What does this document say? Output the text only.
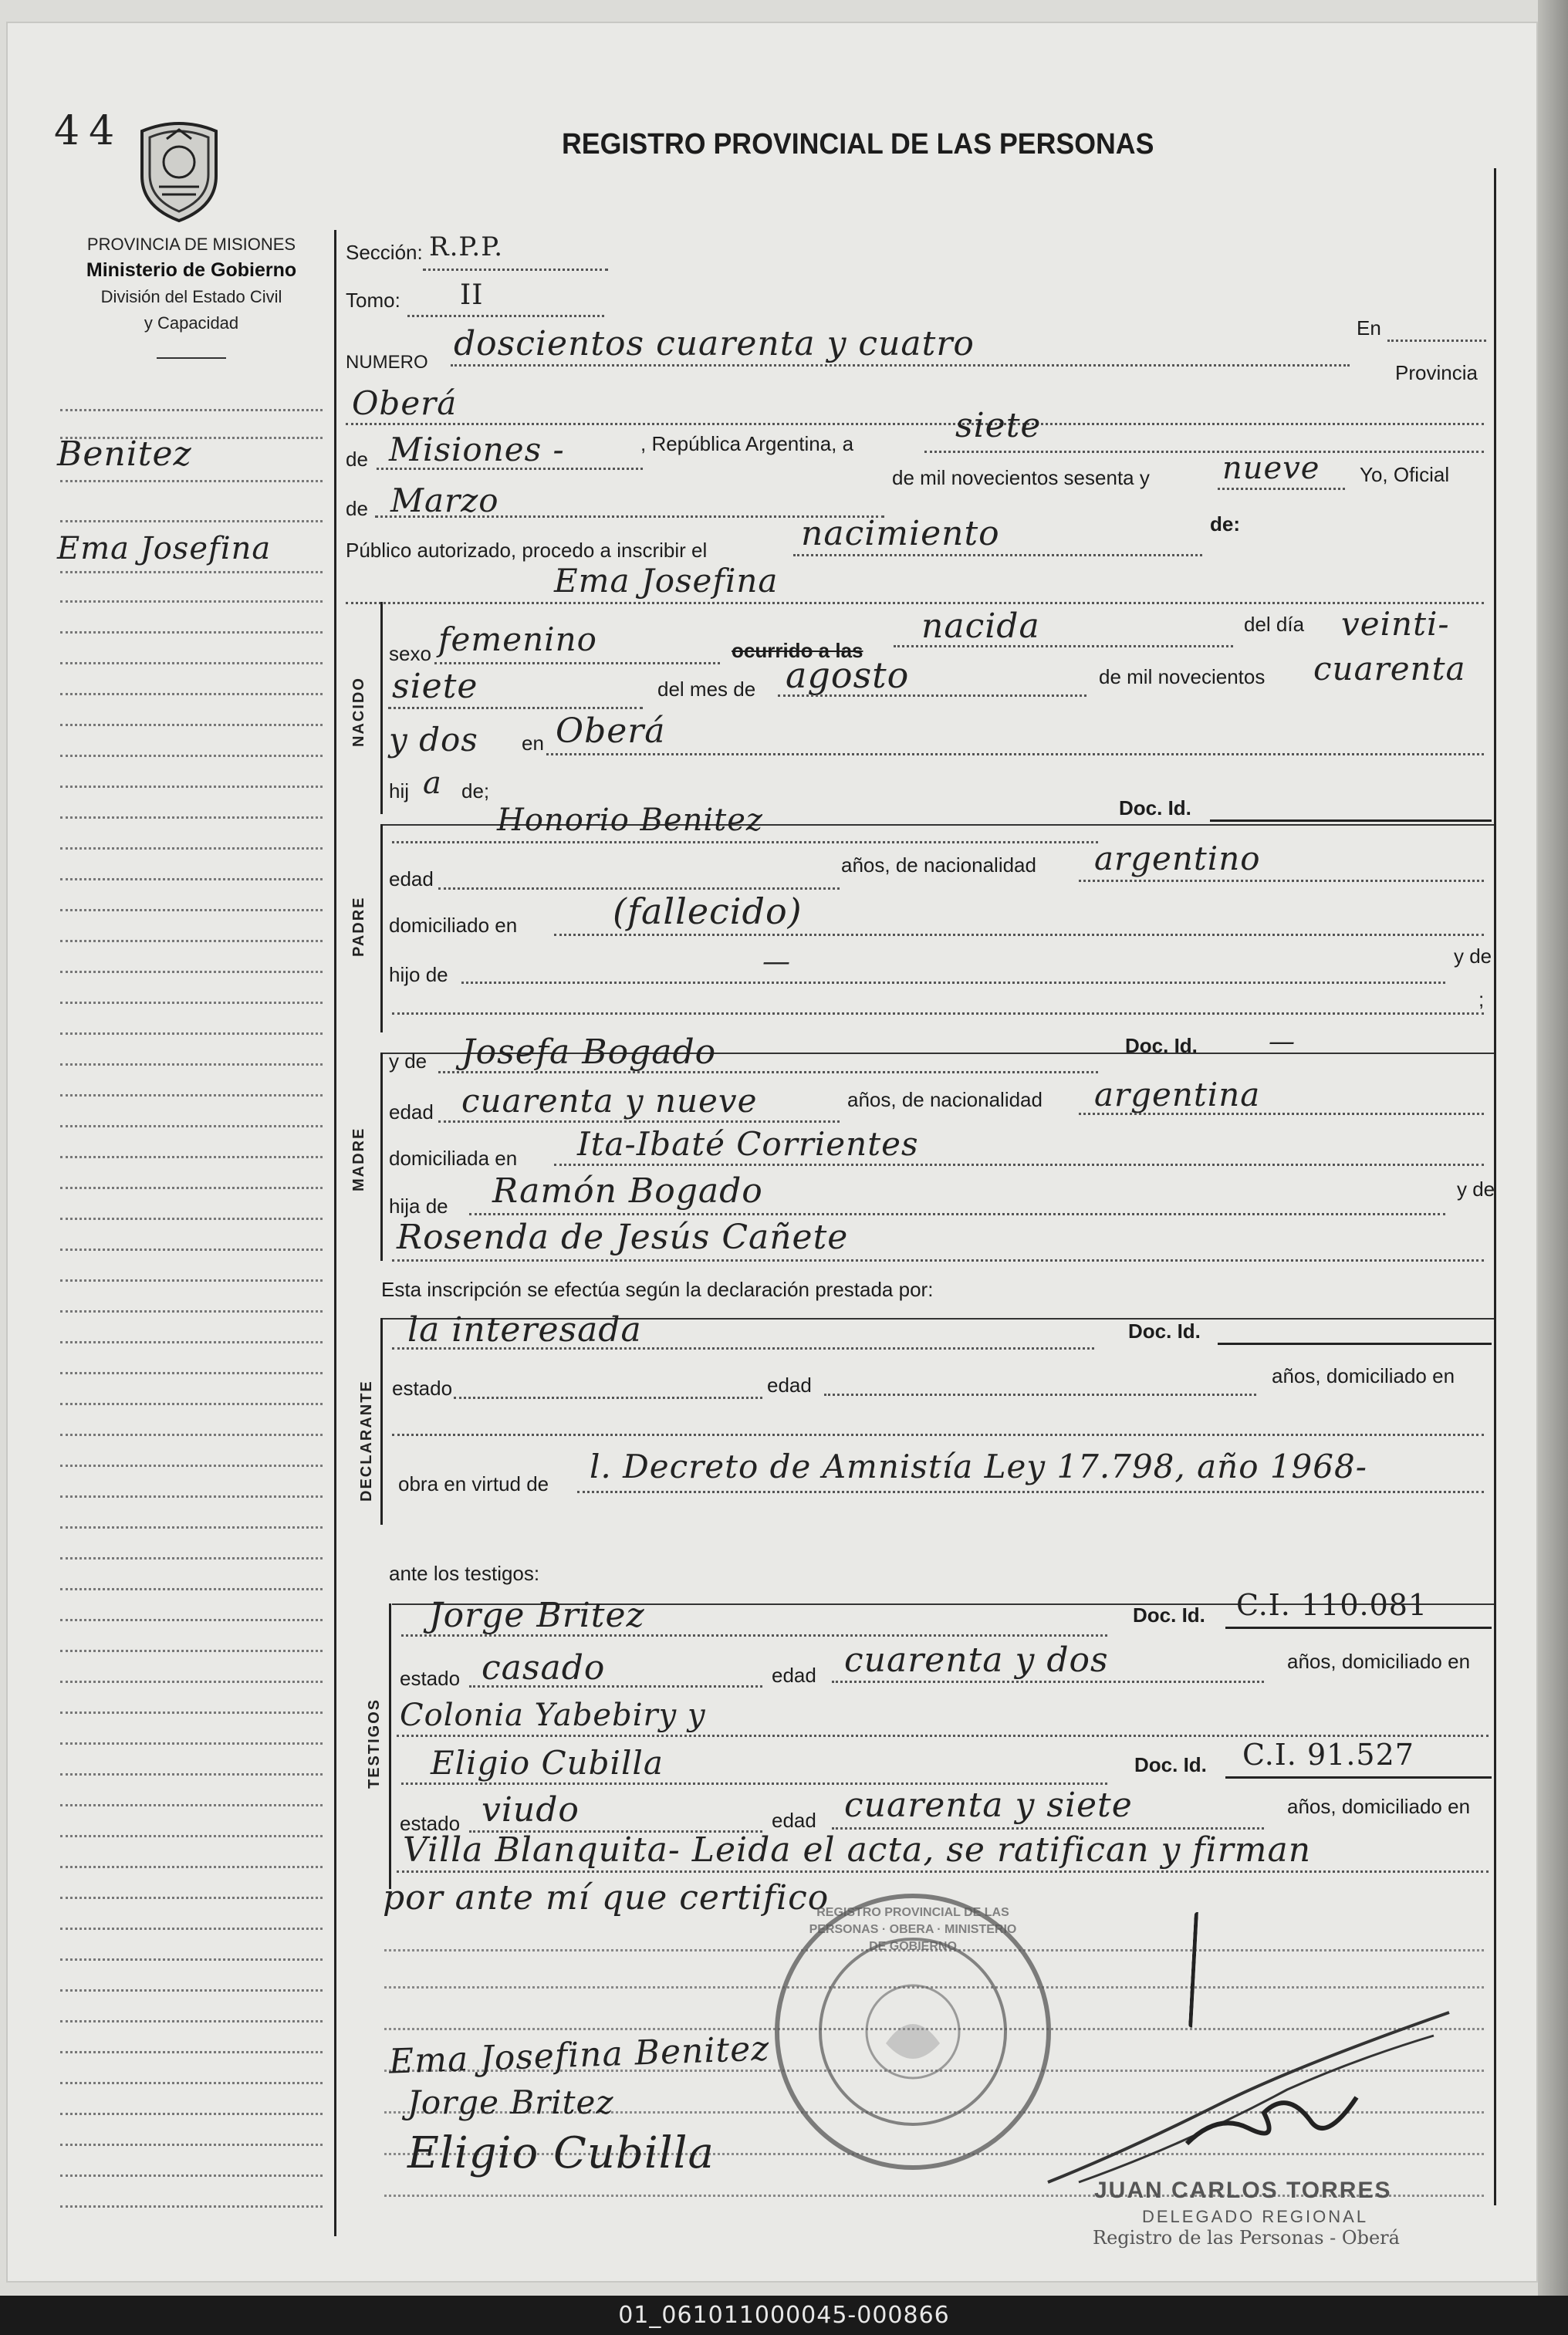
44
PROVINCIA DE MISIONES
Ministerio de Gobierno
División del Estado Civil
y Capacidad
REGISTRO PROVINCIAL DE LAS PERSONAS
Benitez
Ema Josefina
Sección: R.P.P.
Tomo: II
NUMERO doscientos cuarenta y cuatro	En
Provincia
Oberá
de Misiones -	, República Argentina, a	siete
de mil novecientos sesenta y nueve Yo, Oficial
de Marzo
Público autorizado, procedo a inscribir el	nacimiento	de:
Ema Josefina
NACIDO
sexo femenino	ocurrido a las
nacida	del día veinti-
siete	del mes de agosto	de mil novecientos cuarenta
y dos en Oberá
hij a de;
PADRE
Honorio Benitez	Doc. Id.
edad
años, de nacionalidad argentino
domiciliado en	(fallecido)
hijo de	—	y de
;
MADRE
y de Josefa Bogado	Doc. Id.	—
edad cuarenta y nueve	años, de nacionalidad argentina
domiciliada en Ita-Ibaté Corrientes
hija de Ramón Bogado	y de
Rosenda de Jesús Cañete
Esta inscripción se efectúa según la declaración prestada por:
DECLARANTE
la interesada	Doc. Id.
estado	edad	años, domiciliado en
obra en virtud de l. Decreto de Amnistía Ley 17.798, año 1968-
ante los testigos:
TESTIGOS
Jorge Britez	Doc. Id. C.I. 110.081
estado casado	edad cuarenta y dos	años, domiciliado en
Colonia Yabebiry y
Eligio Cubilla	Doc. Id. C.I. 91.527
estado viudo	edad cuarenta y siete	años, domiciliado en
Villa Blanquita- Leida el acta, se ratifican y firman
por ante mí que certifico
REGISTRO PROVINCIAL DE LAS PERSONAS · OBERA · MINISTERIO DE GOBIERNO
Ema Josefina Benitez
Jorge Britez
Eligio Cubilla
JUAN CARLOS TORRES
DELEGADO REGIONAL
Registro de las Personas - Oberá
01_061011000045-000866
